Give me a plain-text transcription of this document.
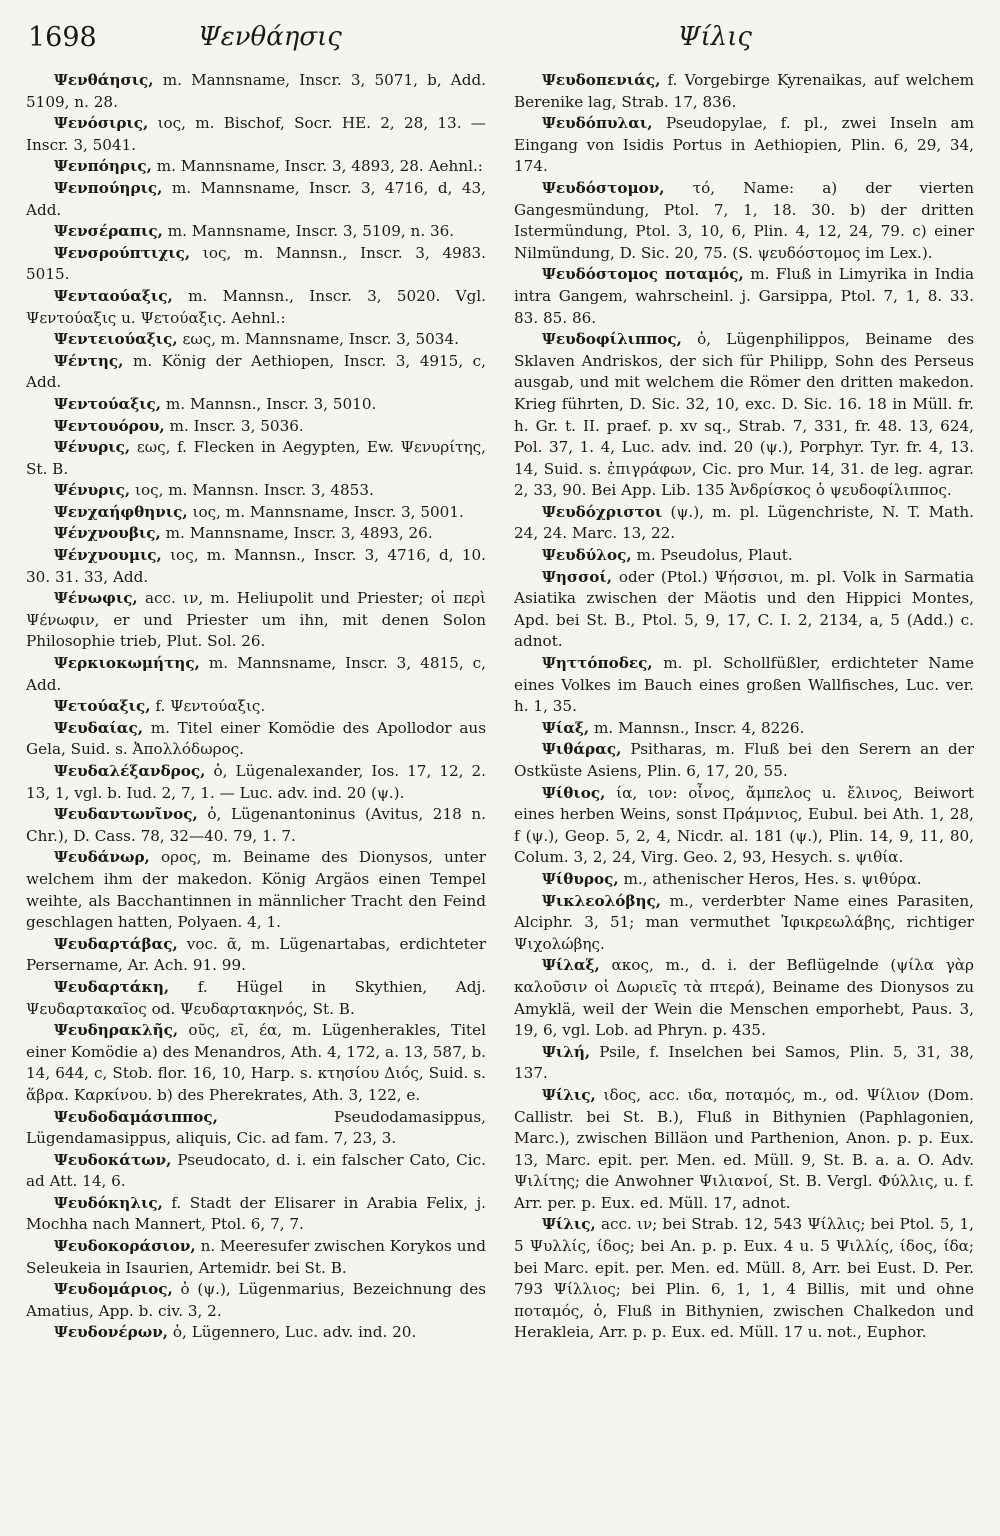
1698	Ψενθάησις	Ψίλις

Ψενθάησις, m. Mannsname, Inscr. 3, 5071, b, Add. 5109, n. 28.

Ψενόσιρις, ιος, m. Bischof, Socr. HE. 2, 28, 13. — Inscr. 3, 5041.

Ψενπόηρις, m. Mannsname, Inscr. 3, 4893, 28. Aehnl.:

Ψενπούηρις, m. Mannsname, Inscr. 3, 4716, d, 43, Add.

Ψενσέραπις, m. Mannsname, Inscr. 3, 5109, n. 36.

Ψενσρούπτιχις, ιος, m. Mannsn., Inscr. 3, 4983. 5015.

Ψενταούαξις, m. Mannsn., Inscr. 3, 5020. Vgl. Ψεντούαξις u. Ψετούαξις. Aehnl.:

Ψεντειούαξις, εως, m. Mannsname, Inscr. 3, 5034.

Ψέντης, m. König der Aethiopen, Inscr. 3, 4915, c, Add.

Ψεντούαξις, m. Mannsn., Inscr. 3, 5010.

Ψεντουόρου, m. Inscr. 3, 5036.

Ψένυρις, εως, f. Flecken in Aegypten, Ew. Ψενυρίτης, St. B.

Ψένυρις, ιος, m. Mannsn. Inscr. 3, 4853.

Ψενχαήφθηνις, ιος, m. Mannsname, Inscr. 3, 5001.

Ψένχνουβις, m. Mannsname, Inscr. 3, 4893, 26.

Ψένχνουμις, ιος, m. Mannsn., Inscr. 3, 4716, d, 10. 30. 31. 33, Add.

Ψένωφις, acc. ιν, m. Heliupolit und Priester; οἱ περὶ Ψένωφιν, er und Priester um ihn, mit denen Solon Philosophie trieb, Plut. Sol. 26.

Ψερκιοκωμήτης, m. Mannsname, Inscr. 3, 4815, c, Add.

Ψετούαξις, f. Ψεντούαξις.

Ψευδαίας, m. Titel einer Komödie des Apollodor aus Gela, Suid. s. Ἀπολλόδωρος.

Ψευδαλέξανδρος, ὁ, Lügenalexander, Ios. 17, 12, 2. 13, 1, vgl. b. Iud. 2, 7, 1. — Luc. adv. ind. 20 (ψ.).

Ψευδαντωνῖνος, ὁ, Lügenantoninus (Avitus, 218 n. Chr.), D. Cass. 78, 32—40. 79, 1. 7.

Ψευδάνωρ, ορος, m. Beiname des Dionysos, unter welchem ihm der makedon. König Argäos einen Tempel weihte, als Bacchantinnen in männlicher Tracht den Feind geschlagen hatten, Polyaen. 4, 1.

Ψευδαρτάβας, voc. ᾶ, m. Lügenartabas, erdichteter Persername, Ar. Ach. 91. 99.

Ψευδαρτάκη, f. Hügel in Skythien, Adj. Ψευδαρτακαῖος od. Ψευδαρτακηνός, St. B.

Ψευδηρακλῆς, οῦς, εῖ, έα, m. Lügenherakles, Titel einer Komödie a) des Menandros, Ath. 4, 172, a. 13, 587, b. 14, 644, c, Stob. flor. 16, 10, Harp. s. κτησίου Διός, Suid. s. ἅβρα. Καρκίνου. b) des Pherekrates, Ath. 3, 122, e.

Ψευδοδαμάσιππος,	Pseudodamasippus, Lügendamasippus, aliquis, Cic. ad fam. 7, 23, 3.

Ψευδοκάτων, Pseudocato, d. i. ein falscher Cato, Cic. ad Att. 14, 6.

Ψευδόκηλις, f. Stadt der Elisarer in Arabia Felix, j. Mochha nach Mannert, Ptol. 6, 7, 7.

Ψευδοκοράσιον, n. Meeresufer zwischen Korykos und Seleukeia in Isaurien, Artemidr. bei St. B.

Ψευδομάριος, ὁ (ψ.), Lügenmarius, Bezeichnung des Amatius, App. b. civ. 3, 2.

Ψευδονέρων, ὁ, Lügennero, Luc. adv. ind. 20.

Ψευδοπενιάς, f. Vorgebirge Kyrenaikas, auf welchem Berenike lag, Strab. 17, 836.

Ψευδόπυλαι, Pseudopylae, f. pl., zwei Inseln am Eingang von Isidis Portus in Aethiopien, Plin. 6, 29, 34, 174.

Ψευδόστομον, τό, Name: a) der vierten Gangesmündung, Ptol. 7, 1, 18. 30. b) der dritten Istermündung, Ptol. 3, 10, 6, Plin. 4, 12, 24, 79. c) einer Nilmündung, D. Sic. 20, 75. (S. ψευδόστομος im Lex.).

Ψευδόστομος ποταμός, m. Fluß in Limyrika in India intra Gangem, wahrscheinl. j. Garsippa, Ptol. 7, 1, 8. 33. 83. 85. 86.

Ψευδοφίλιππος, ὁ, Lügenphilippos, Beiname des Sklaven Andriskos, der sich für Philipp, Sohn des Perseus ausgab, und mit welchem die Römer den dritten makedon. Krieg führten, D. Sic. 32, 10, exc. D. Sic. 16. 18 in Müll. fr. h. Gr. t. II. praef. p. xv sq., Strab. 7, 331, fr. 48. 13, 624, Pol. 37, 1. 4, Luc. adv. ind. 20 (ψ.), Porphyr. Tyr. fr. 4, 13. 14, Suid. s. ἐπιγράφων, Cic. pro Mur. 14, 31. de leg. agrar. 2, 33, 90. Bei App. Lib. 135 Ἀνδρίσκος ὁ ψευδοφίλιππος.

Ψευδόχριστοι (ψ.), m. pl. Lügenchriste, N. T. Math. 24, 24. Marc. 13, 22.

Ψευδύλος, m. Pseudolus, Plaut.

Ψησσοί, oder (Ptol.) Ψήσσιοι, m. pl. Volk in Sarmatia Asiatika zwischen der Mäotis und den Hippici Montes, Apd. bei St. B., Ptol. 5, 9, 17, C. I. 2, 2134, a, 5 (Add.) c. adnot.

Ψηττόποδες, m. pl. Schollfüßler, erdichteter Name eines Volkes im Bauch eines großen Wallfisches, Luc. ver. h. 1, 35.

Ψίαξ, m. Mannsn., Inscr. 4, 8226.

Ψιθάρας, Psitharas, m. Fluß bei den Serern an der Ostküste Asiens, Plin. 6, 17, 20, 55.

Ψίθιος, ία, ιον: οἶνος, ἄμπελος u. ἔλινος, Beiwort eines herben Weins, sonst Πράμνιος, Eubul. bei Ath. 1, 28, f (ψ.), Geop. 5, 2, 4, Nicdr. al. 181 (ψ.), Plin. 14, 9, 11, 80, Colum. 3, 2, 24, Virg. Geo. 2, 93, Hesych. s. ψιθία.

Ψίθυρος, m., athenischer Heros, Hes. s. ψιθύρα.

Ψικλεολόβης, m., verderbter Name eines Parasiten, Alciphr. 3, 51; man vermuthet Ἰφικρεωλάβης, richtiger Ψιχολώβης.

Ψίλαξ, ακος, m., d. i. der Beflügelnde (ψίλα γὰρ καλοῦσιν οἱ Δωριεῖς τὰ πτερά), Beiname des Dionysos zu Amyklä, weil der Wein die Menschen emporhebt, Paus. 3, 19, 6, vgl. Lob. ad Phryn. p. 435.

Ψιλή, Psile, f. Inselchen bei Samos, Plin. 5, 31, 38, 137.

Ψίλις, ιδος, acc. ιδα, ποταμός, m., od. Ψίλιον (Dom. Callistr. bei St. B.), Fluß in Bithynien (Paphlagonien, Marc.), zwischen Billäon und Parthenion, Anon. p. p. Eux. 13, Marc. epit. per. Men. ed. Müll. 9, St. B. a. a. O. Adv. Ψιλίτης; die Anwohner Ψιλιανοί, St. B. Vergl. Φύλλις, u. f. Arr. per. p. Eux. ed. Müll. 17, adnot.

Ψίλις, acc. ιν; bei Strab. 12, 543 Ψίλλις; bei Ptol. 5, 1, 5 Ψυλλίς, ίδος; bei An. p. p. Eux. 4 u. 5 Ψιλλίς, ίδος, ίδα; bei Marc. epit. per. Men. ed. Müll. 8, Arr. bei Eust. D. Per. 793 Ψίλλιος; bei Plin. 6, 1, 1, 4 Billis, mit und ohne ποταμός, ὁ, Fluß in Bithynien, zwischen Chalkedon und Herakleia, Arr. p. p. Eux. ed. Müll. 17 u. not., Euphor.
